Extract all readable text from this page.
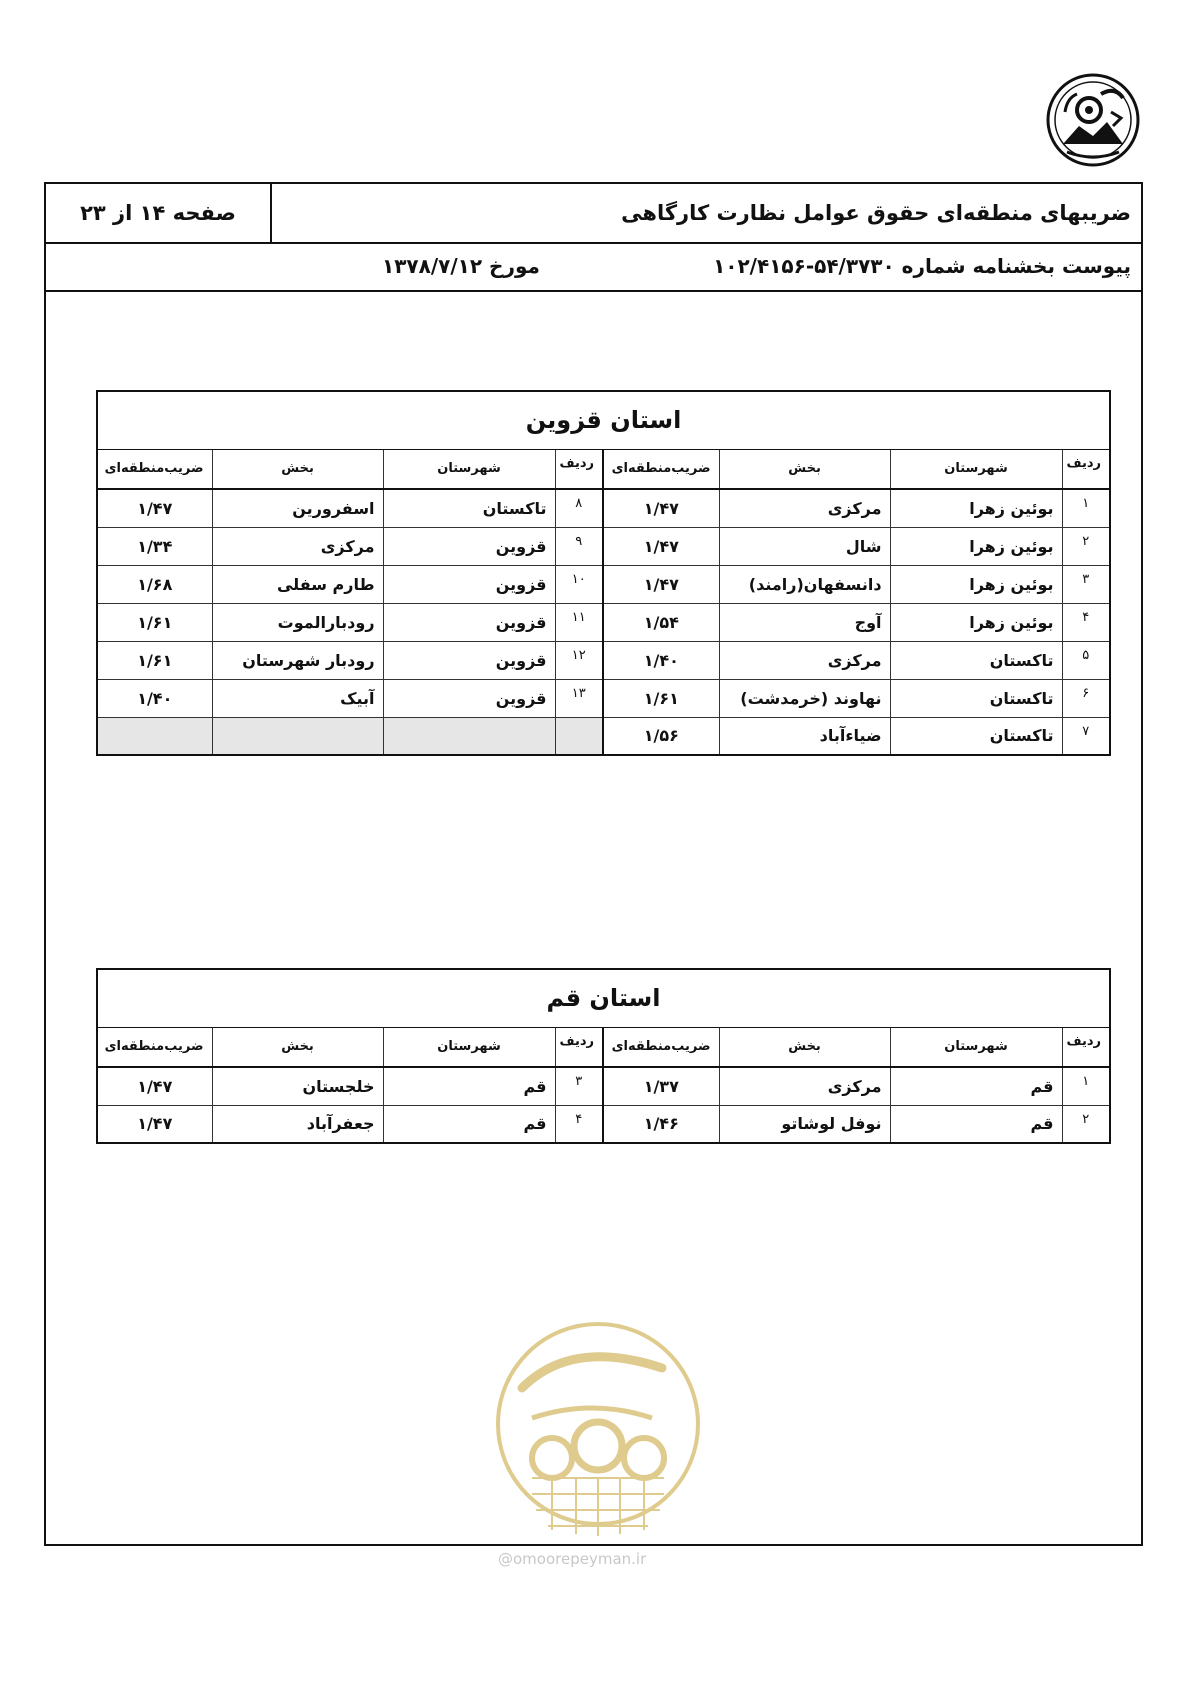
صفحه ۱۴ از ۲۳	ضریبهای منطقه‌ای حقوق عوامل نظارت کارگاهی
پیوست بخشنامه شماره ۵۴/۳۷۳۰-۱۰۲/۴۱۵۶
مورخ ۱۳۷۸/۷/۱۲
استان قزوین							
ردیف	شهرستان	بخش	ضریب‌منطقه‌ای	ردیف	شهرستان	بخش	ضریب‌منطقه‌ای
۱	بوئین زهرا	مرکزی	۱/۴۷	۸	تاکستان	اسفرورین	۱/۴۷
۲	بوئین زهرا	شال	۱/۴۷	۹	قزوین	مرکزی	۱/۳۴
۳	بوئین زهرا	دانسفهان(رامند)	۱/۴۷	۱۰	قزوین	طارم سفلی	۱/۶۸
۴	بوئین زهرا	آوج	۱/۵۴	۱۱	قزوین	رودبارالموت	۱/۶۱
۵	تاکستان	مرکزی	۱/۴۰	۱۲	قزوین	رودبار شهرستان	۱/۶۱
۶	تاکستان	نهاوند (خرمدشت)	۱/۶۱	۱۳	قزوین	آبیک	۱/۴۰
۷	تاکستان	ضیاءآباد	۱/۵۶				
استان قم							
ردیف	شهرستان	بخش	ضریب‌منطقه‌ای	ردیف	شهرستان	بخش	ضریب‌منطقه‌ای
۱	قم	مرکزی	۱/۳۷	۳	قم	خلجستان	۱/۴۷
۲	قم	نوفل لوشاتو	۱/۴۶	۴	قم	جعفرآباد	۱/۴۷
@omoorepeyman.ir
